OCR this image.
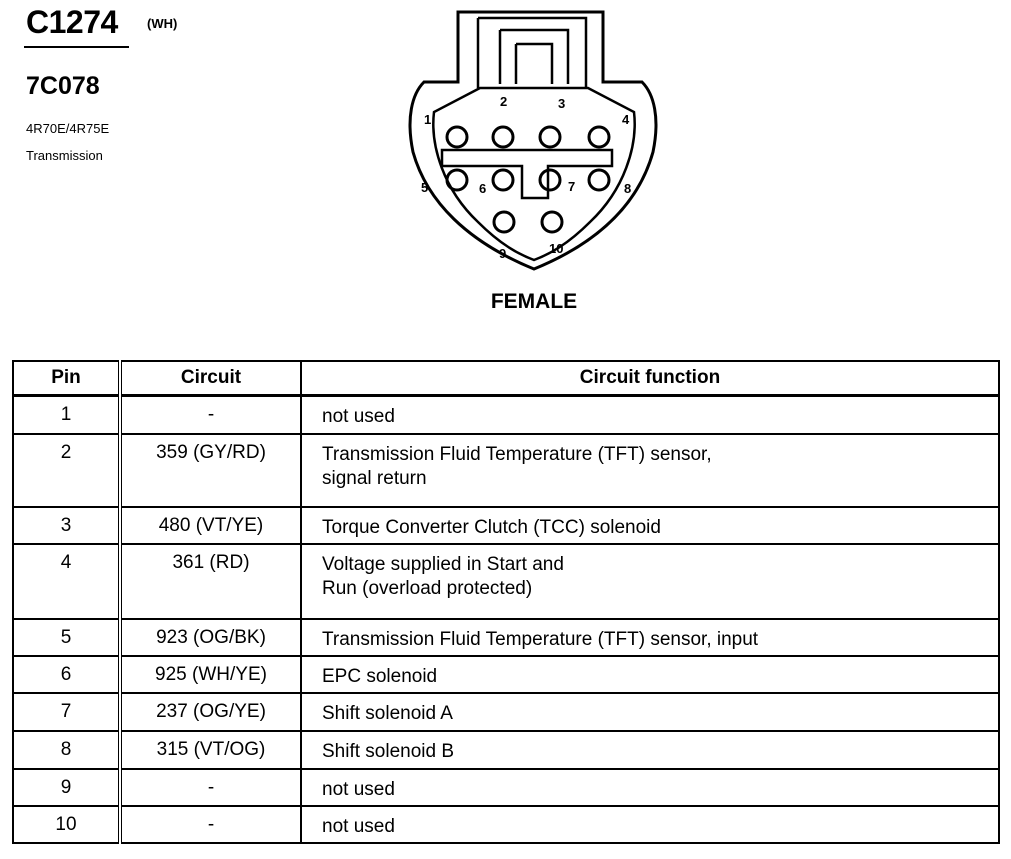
C1274 (WH)
7C078
4R70E/4R75E
Transmission
1
2	3
4
5	6	7	8
9	10
FEMALE
Pin	Circuit	Circuit function
1	-	not used
2	359 (GY/RD)	Transmission Fluid Temperature (TFT) sensor,
signal return
3	480 (VT/YE)	Torque Converter Clutch (TCC) solenoid
4	361 (RD)	Voltage supplied in Start and
Run (overload protected)
5	923 (OG/BK)	Transmission Fluid Temperature (TFT) sensor, input
6	925 (WH/YE)	EPC solenoid
7	237 (OG/YE)	Shift solenoid A
8	315 (VT/OG)	Shift solenoid B
9	-	not used
10	-	not used
